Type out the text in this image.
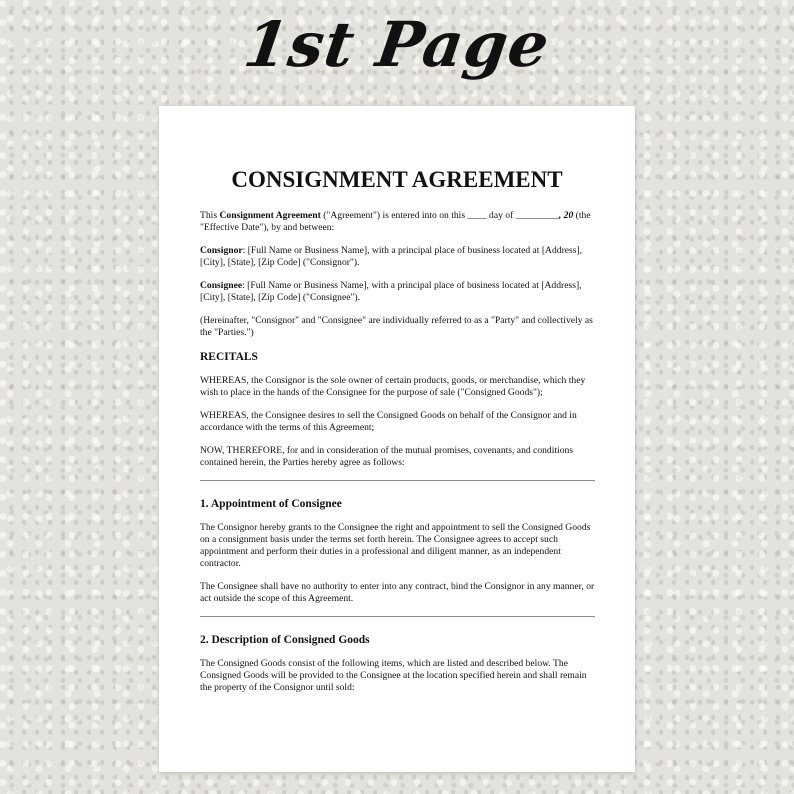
1st Page
CONSIGNMENT AGREEMENT

This Consignment Agreement ("Agreement") is entered into on this ____ day of _________, 20 (the "Effective Date"), by and between:

Consignor: [Full Name or Business Name], with a principal place of business located at [Address], [City], [State], [Zip Code] ("Consignor").

Consignee: [Full Name or Business Name], with a principal place of business located at [Address], [City], [State], [Zip Code] ("Consignee").

(Hereinafter, "Consignor" and "Consignee" are individually referred to as a "Party" and collectively as the "Parties.")

RECITALS

WHEREAS, the Consignor is the sole owner of certain products, goods, or merchandise, which they wish to place in the hands of the Consignee for the purpose of sale ("Consigned Goods");

WHEREAS, the Consignee desires to sell the Consigned Goods on behalf of the Consignor and in accordance with the terms of this Agreement;

NOW, THEREFORE, for and in consideration of the mutual promises, covenants, and conditions contained herein, the Parties hereby agree as follows:

1. Appointment of Consignee

The Consignor hereby grants to the Consignee the right and appointment to sell the Consigned Goods on a consignment basis under the terms set forth herein. The Consignee agrees to accept such appointment and perform their duties in a professional and diligent manner, as an independent contractor.

The Consignee shall have no authority to enter into any contract, bind the Consignor in any manner, or act outside the scope of this Agreement.

2. Description of Consigned Goods

The Consigned Goods consist of the following items, which are listed and described below. The Consigned Goods will be provided to the Consignee at the location specified herein and shall remain the property of the Consignor until sold:
